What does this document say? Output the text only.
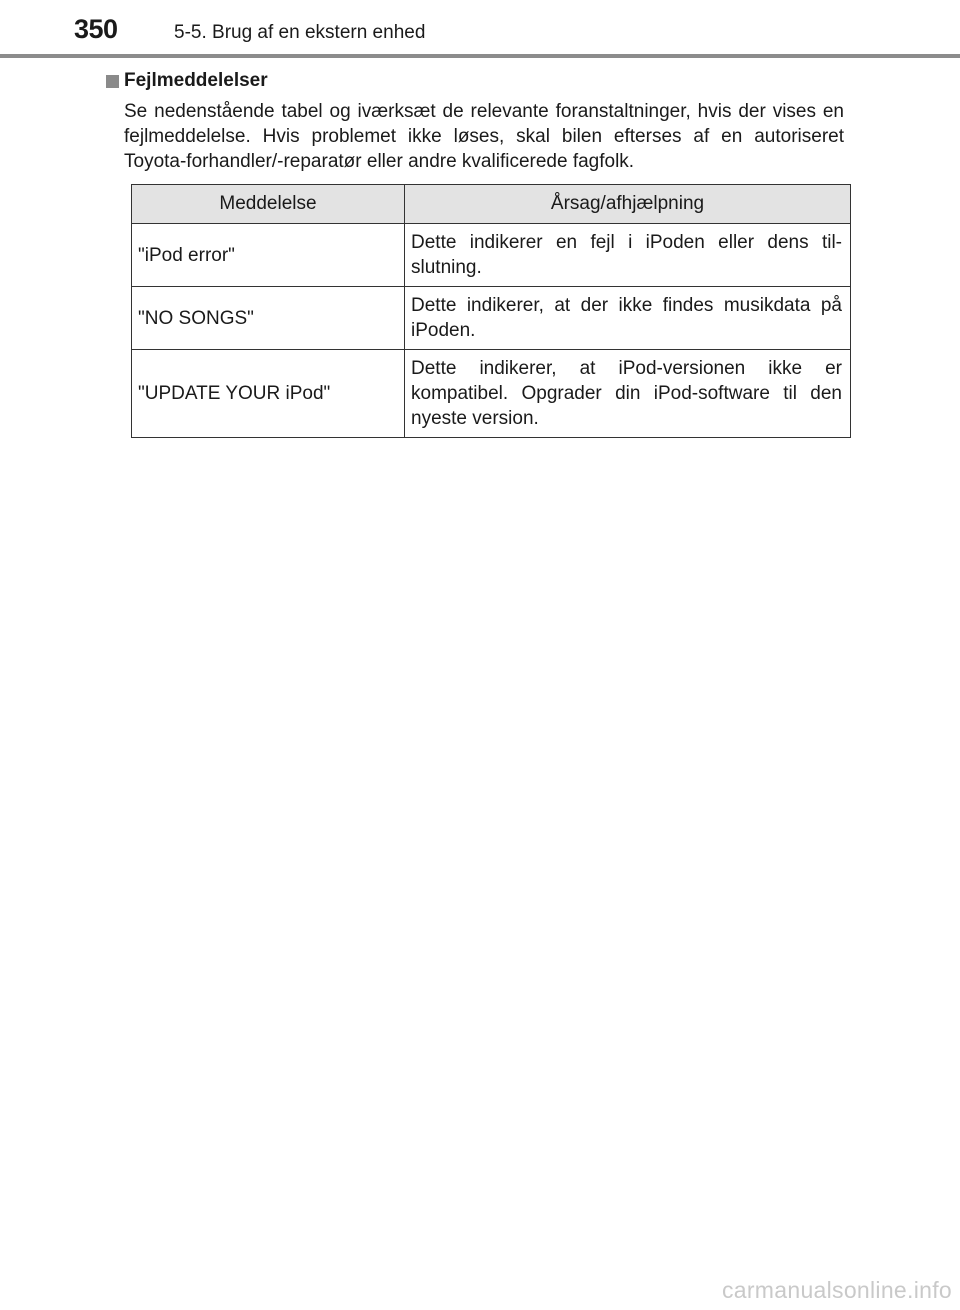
350	5-5. Brug af en ekstern enhed
Fejlmeddelelser

Se nedenstående tabel og iværksæt de relevante foranstaltninger, hvis der vises en fejlmeddelelse. Hvis problemet ikke løses, skal bilen efterses af en autoriseret Toyota-forhandler/-reparatør eller andre kvalificerede fagfolk.

Meddelelse	Årsag/afhjælpning
"iPod error"	Dette indikerer en fejl i iPoden eller dens til-slutning.
"NO SONGS"	Dette indikerer, at der ikke findes musikdata på iPoden.
"UPDATE YOUR iPod"	Dette indikerer, at iPod-versionen ikke er kompatibel. Opgrader din iPod-software til den nyeste version.
carmanualsonline.info
